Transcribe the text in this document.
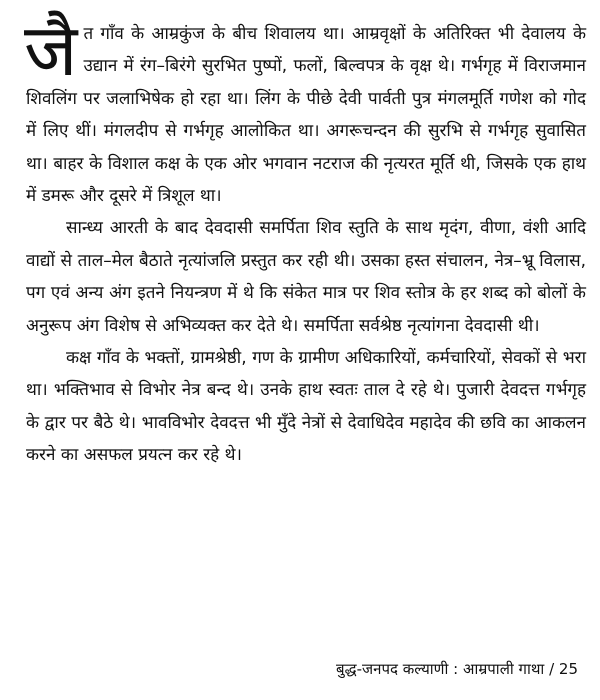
जैत गाँव के आम्रकुंज के बीच शिवालय था। आम्रवृक्षों के अतिरिक्त भी देवालय के उद्यान में रंग–बिरंगे सुरभित पुष्पों, फलों, बिल्वपत्र के वृक्ष थे। गर्भगृह में विराजमान शिवलिंग पर जलाभिषेक हो रहा था। लिंग के पीछे देवी पार्वती पुत्र मंगलमूर्ति गणेश को गोद में लिए थीं। मंगलदीप से गर्भगृह आलोकित था। अगरूचन्दन की सुरभि से गर्भगृह सुवासित था। बाहर के विशाल कक्ष के एक ओर भगवान नटराज की नृत्यरत मूर्ति थी, जिसके एक हाथ में डमरू और दूसरे में त्रिशूल था।

सान्ध्य आरती के बाद देवदासी समर्पिता शिव स्तुति के साथ मृदंग, वीणा, वंशी आदि वाद्यों से ताल–मेल बैठाते नृत्यांजलि प्रस्तुत कर रही थी। उसका हस्त संचालन, नेत्र–भ्रू विलास, पग एवं अन्य अंग इतने नियन्त्रण में थे कि संकेत मात्र पर शिव स्तोत्र के हर शब्द को बोलों के अनुरूप अंग विशेष से अभिव्यक्त कर देते थे। समर्पिता सर्वश्रेष्ठ नृत्यांगना देवदासी थी।

कक्ष गाँव के भक्तों, ग्रामश्रेष्ठी, गण के ग्रामीण अधिकारियों, कर्मचारियों, सेवकों से भरा था। भक्तिभाव से विभोर नेत्र बन्द थे। उनके हाथ स्वतः ताल दे रहे थे। पुजारी देवदत्त गर्भगृह के द्वार पर बैठे थे। भावविभोर देवदत्त भी मुँदे नेत्रों से देवाधिदेव महादेव की छवि का आकलन करने का असफल प्रयत्न कर रहे थे।

बुद्ध-जनपद कल्याणी : आम्रपाली गाथा / 25
